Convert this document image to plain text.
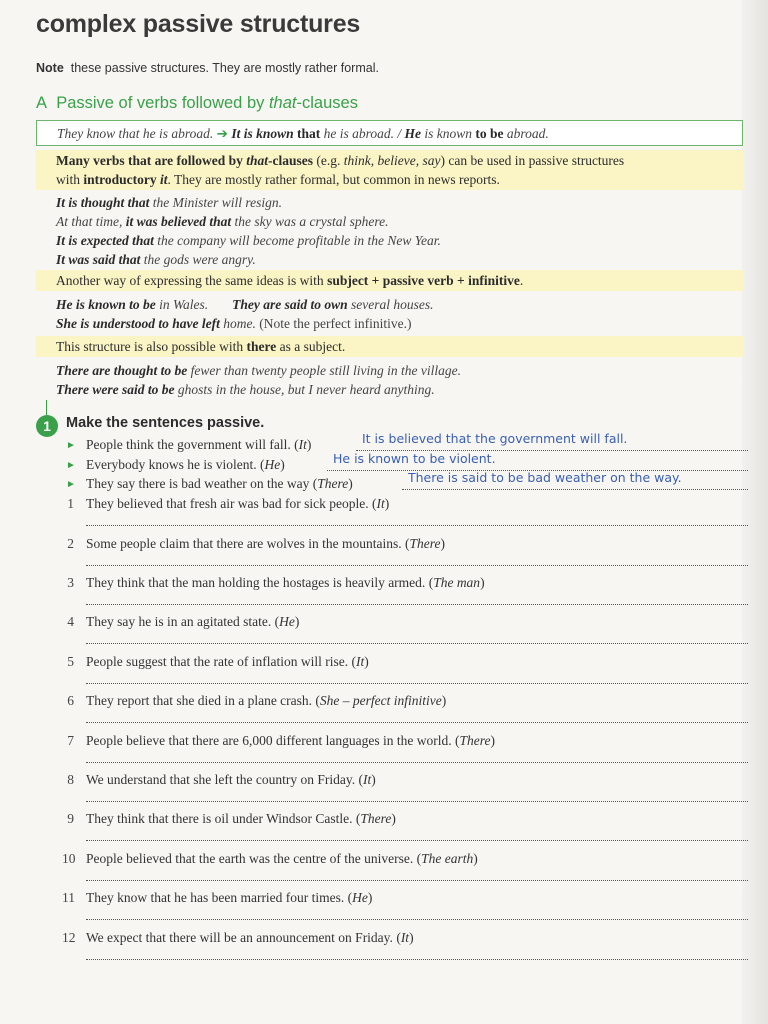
complex passive structures
Note these passive structures. They are mostly rather formal.
A Passive of verbs followed by that-clauses
They know that he is abroad. ➔ It is known that he is abroad. / He is known to be abroad.
Many verbs that are followed by that-clauses (e.g. think, believe, say) can be used in passive structures
with introductory it. They are mostly rather formal, but common in news reports.
It is thought that the Minister will resign.
At that time, it was believed that the sky was a crystal sphere.
It is expected that the company will become profitable in the New Year.
It was said that the gods were angry.
Another way of expressing the same ideas is with subject + passive verb + infinitive.
He is known to be in Wales. They are said to own several houses.
She is understood to have left home. (Note the perfect infinitive.)
This structure is also possible with there as a subject.
There are thought to be fewer than twenty people still living in the village.
There were said to be ghosts in the house, but I never heard anything.
1	Make the sentences passive.
► People think the government will fall. (It)	It is believed that the government will fall.
► Everybody knows he is violent. (He)	He is known to be violent.
► They say there is bad weather on the way (There)	There is said to be bad weather on the way.
1 They believed that fresh air was bad for sick people. (It)
2 Some people claim that there are wolves in the mountains. (There)
3 They think that the man holding the hostages is heavily armed. (The man)
4 They say he is in an agitated state. (He)
5 People suggest that the rate of inflation will rise. (It)
6 They report that she died in a plane crash. (She – perfect infinitive)
7 People believe that there are 6,000 different languages in the world. (There)
8 We understand that she left the country on Friday. (It)
9 They think that there is oil under Windsor Castle. (There)
10 People believed that the earth was the centre of the universe. (The earth)
11 They know that he has been married four times. (He)
12 We expect that there will be an announcement on Friday. (It)
